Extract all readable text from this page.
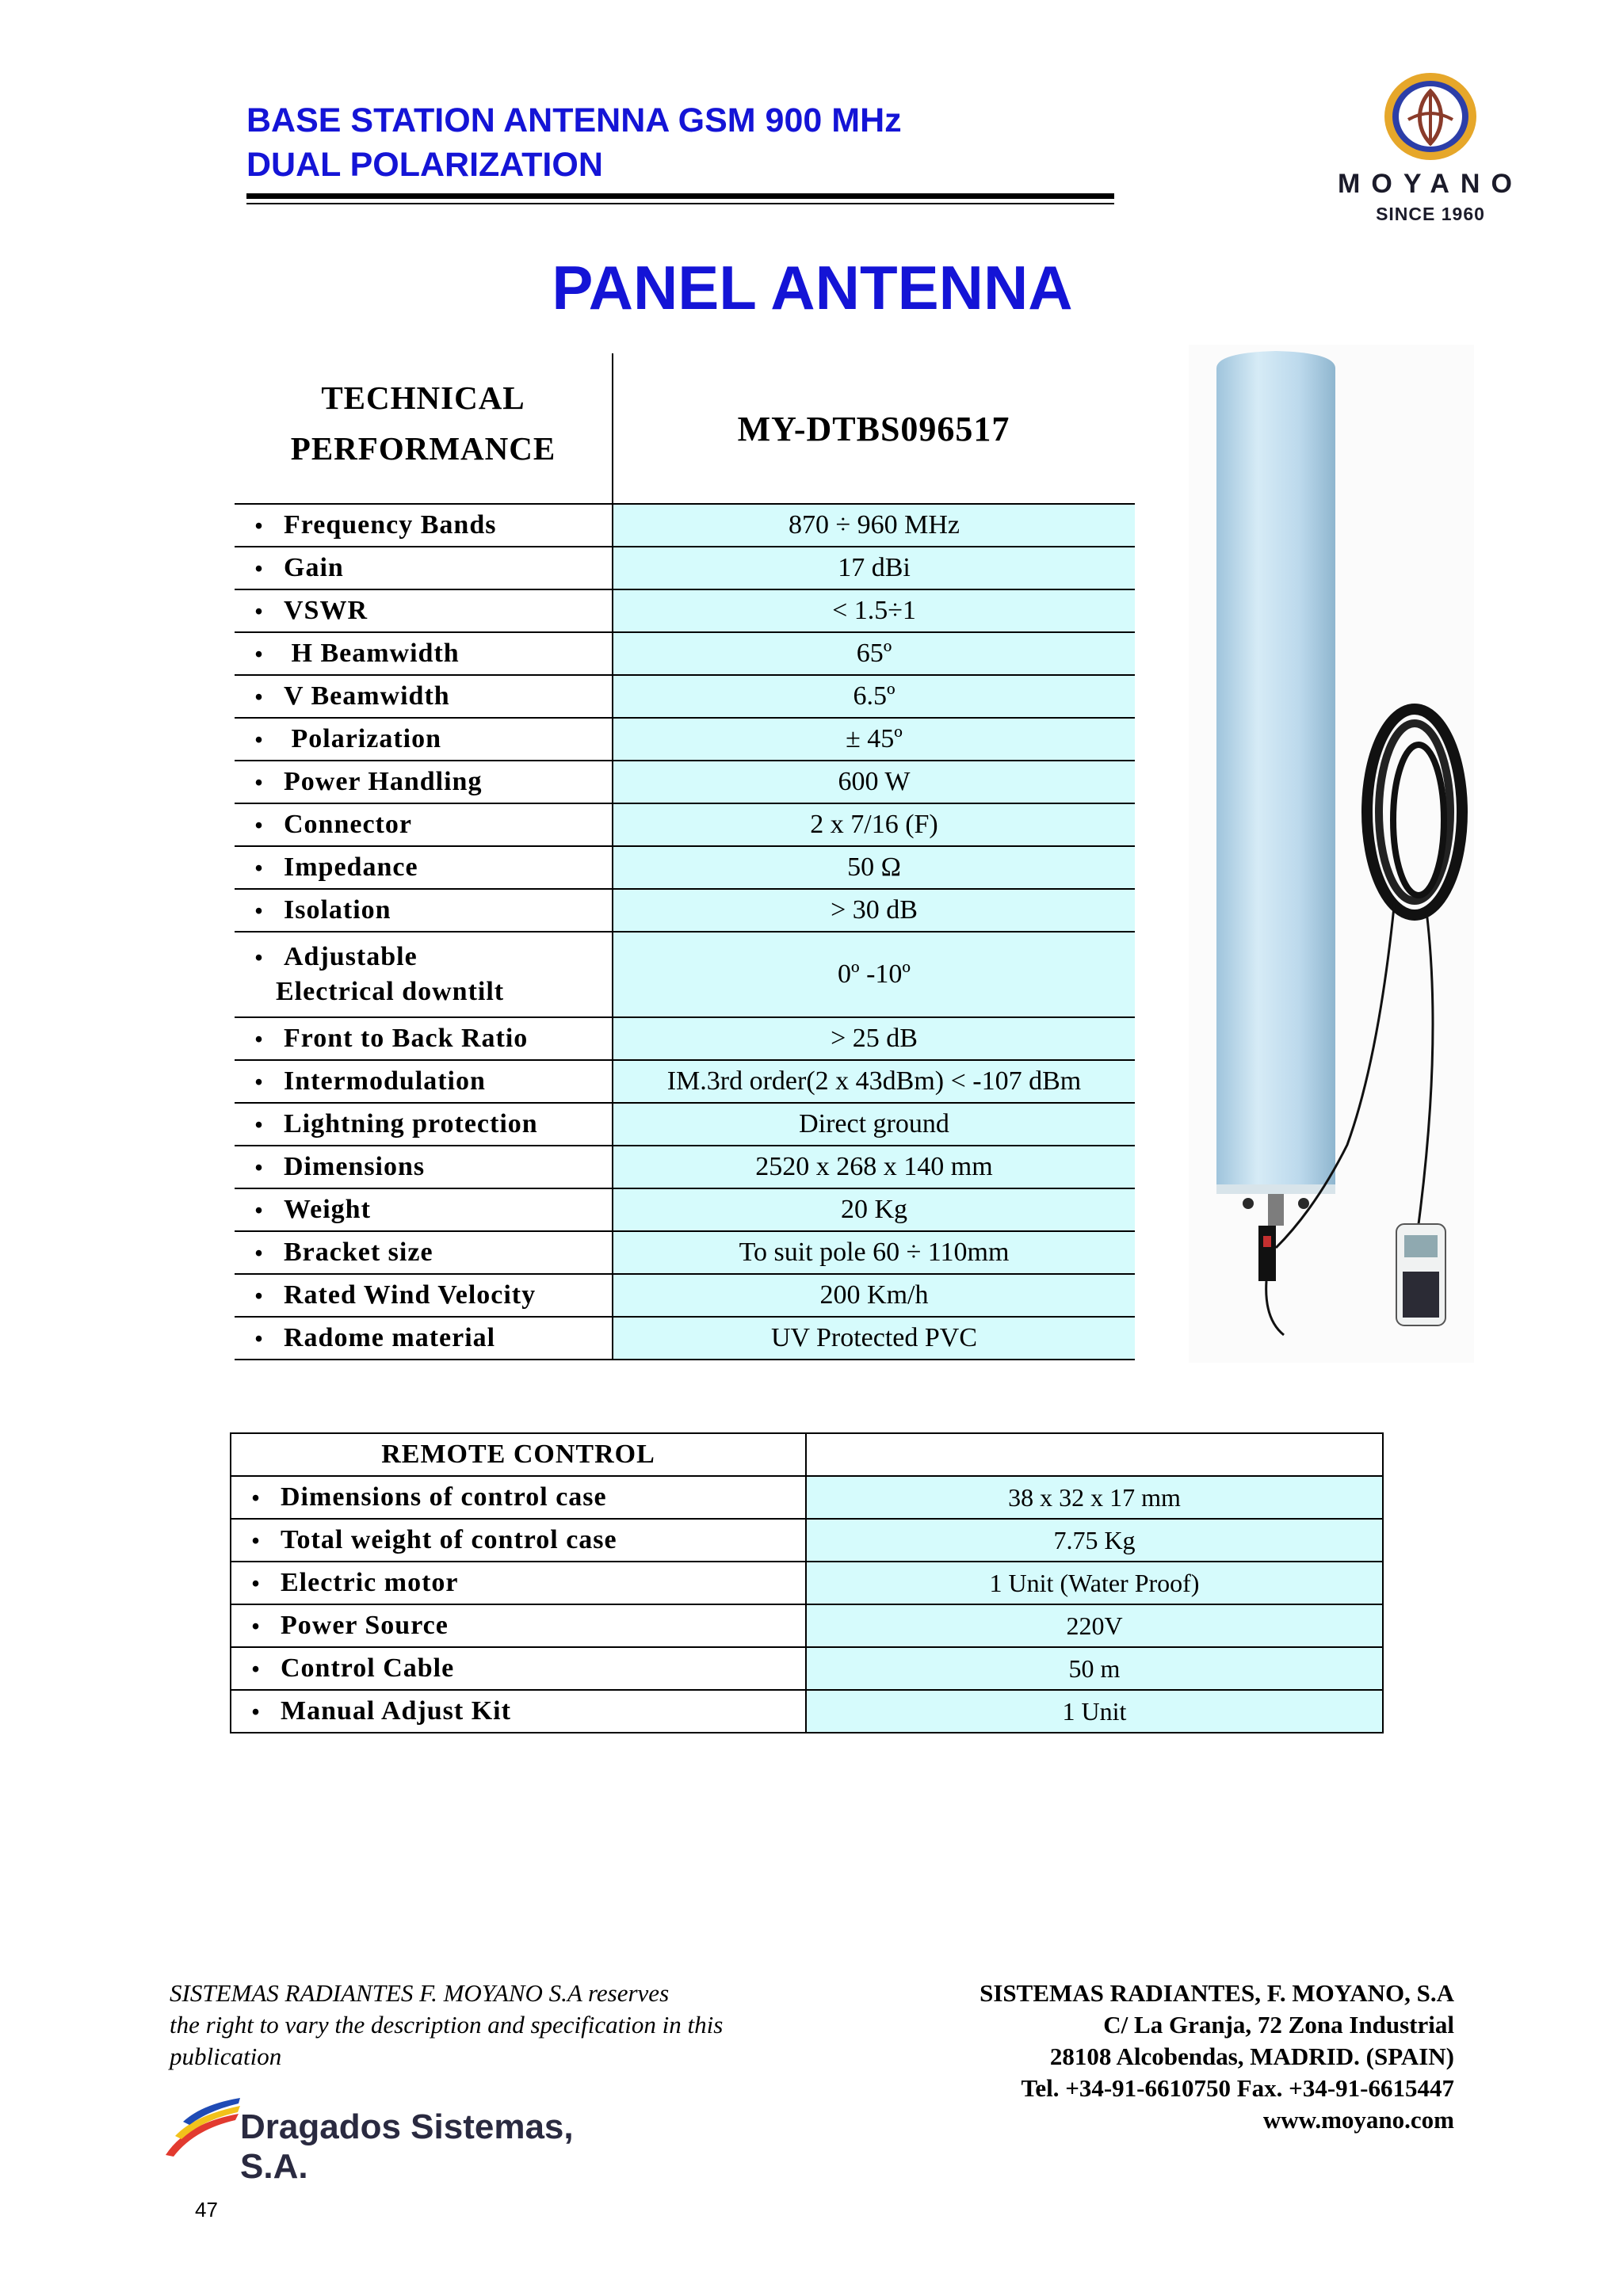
BASE STATION ANTENNA GSM 900 MHz
DUAL POLARIZATION	MOYANO
SINCE 1960
PANEL ANTENNA
TECHNICAL
PERFORMANCE	MY-DTBS096517
• Frequency Bands	870 ÷ 960 MHz
• Gain	17 dBi
• VSWR	< 1.5÷1
• H Beamwidth	65º
• V Beamwidth	6.5º
• Polarization	± 45º
• Power Handling	600 W
• Connector	2 x 7/16 (F)
• Impedance	50 Ω
• Isolation	> 30 dB
• Adjustable
Electrical downtilt	0º -10º
• Front to Back Ratio	> 25 dB
• Intermodulation	IM.3rd order(2 x 43dBm) < -107 dBm
• Lightning protection	Direct ground
• Dimensions	2520 x 268 x 140 mm
• Weight	20 Kg
• Bracket size	To suit pole 60 ÷ 110mm
• Rated Wind Velocity	200 Km/h
• Radome material	UV Protected PVC
REMOTE CONTROL	
• Dimensions of control case	38 x 32 x 17 mm
• Total weight of control case	7.75 Kg
• Electric motor	1 Unit (Water Proof)
• Power Source	220V
• Control Cable	50 m
• Manual Adjust Kit	1 Unit
SISTEMAS RADIANTES F. MOYANO S.A reserves
the right to vary the description and specification in this
publication
SISTEMAS RADIANTES, F. MOYANO, S.A
C/ La Granja, 72 Zona Industrial
28108 Alcobendas, MADRID. (SPAIN)
Tel. +34-91-6610750 Fax. +34-91-6615447
www.moyano.com
Dragados Sistemas, S.A.
47
